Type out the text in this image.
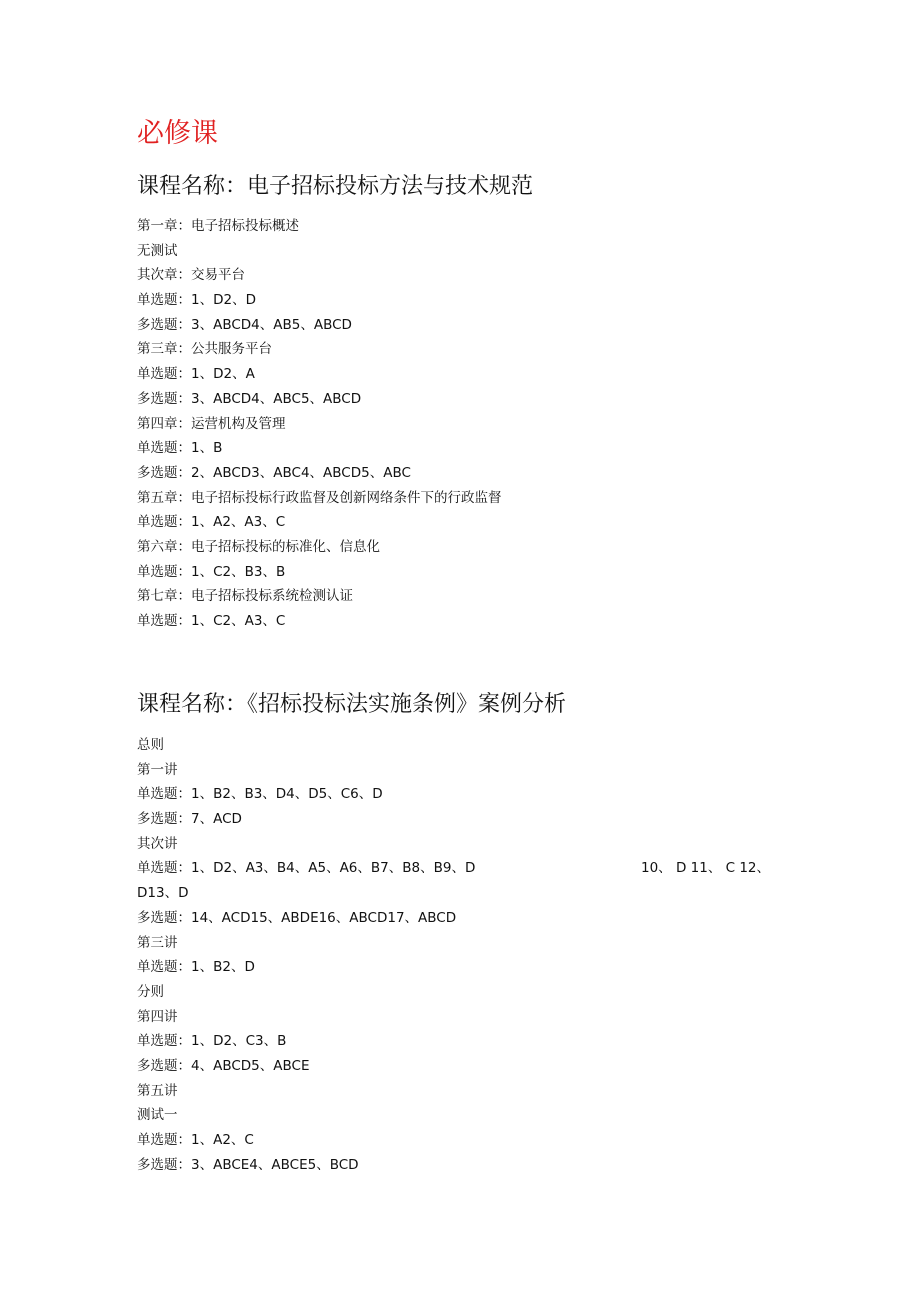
必修课
课程名称：电子招标投标方法与技术规范
第一章：电子招标投标概述
无测试
其次章：交易平台
单选题：1、D2、D
多选题：3、ABCD4、AB5、ABCD
第三章：公共服务平台
单选题：1、D2、A
多选题：3、ABCD4、ABC5、ABCD
第四章：运营机构及管理
单选题：1、B
多选题：2、ABCD3、ABC4、ABCD5、ABC
第五章：电子招标投标行政监督及创新网络条件下的行政监督
单选题：1、A2、A3、C
第六章：电子招标投标的标准化、信息化
单选题：1、C2、B3、B
第七章：电子招标投标系统检测认证
单选题：1、C2、A3、C
课程名称：《招标投标法实施条例》案例分析
总则
第一讲
单选题：1、B2、B3、D4、D5、C6、D
多选题：7、ACD
其次讲
单选题：1、D2、A3、B4、A5、A6、B7、B8、B9、D
D13、D
多选题：14、ACD15、ABDE16、ABCD17、ABCD
第三讲
单选题：1、B2、D
分则
第四讲
单选题：1、D2、C3、B
多选题：4、ABCD5、ABCE
第五讲
测试一
单选题：1、A2、C
多选题：3、ABCE4、ABCE5、BCD
10、 D 11、 C 12、
